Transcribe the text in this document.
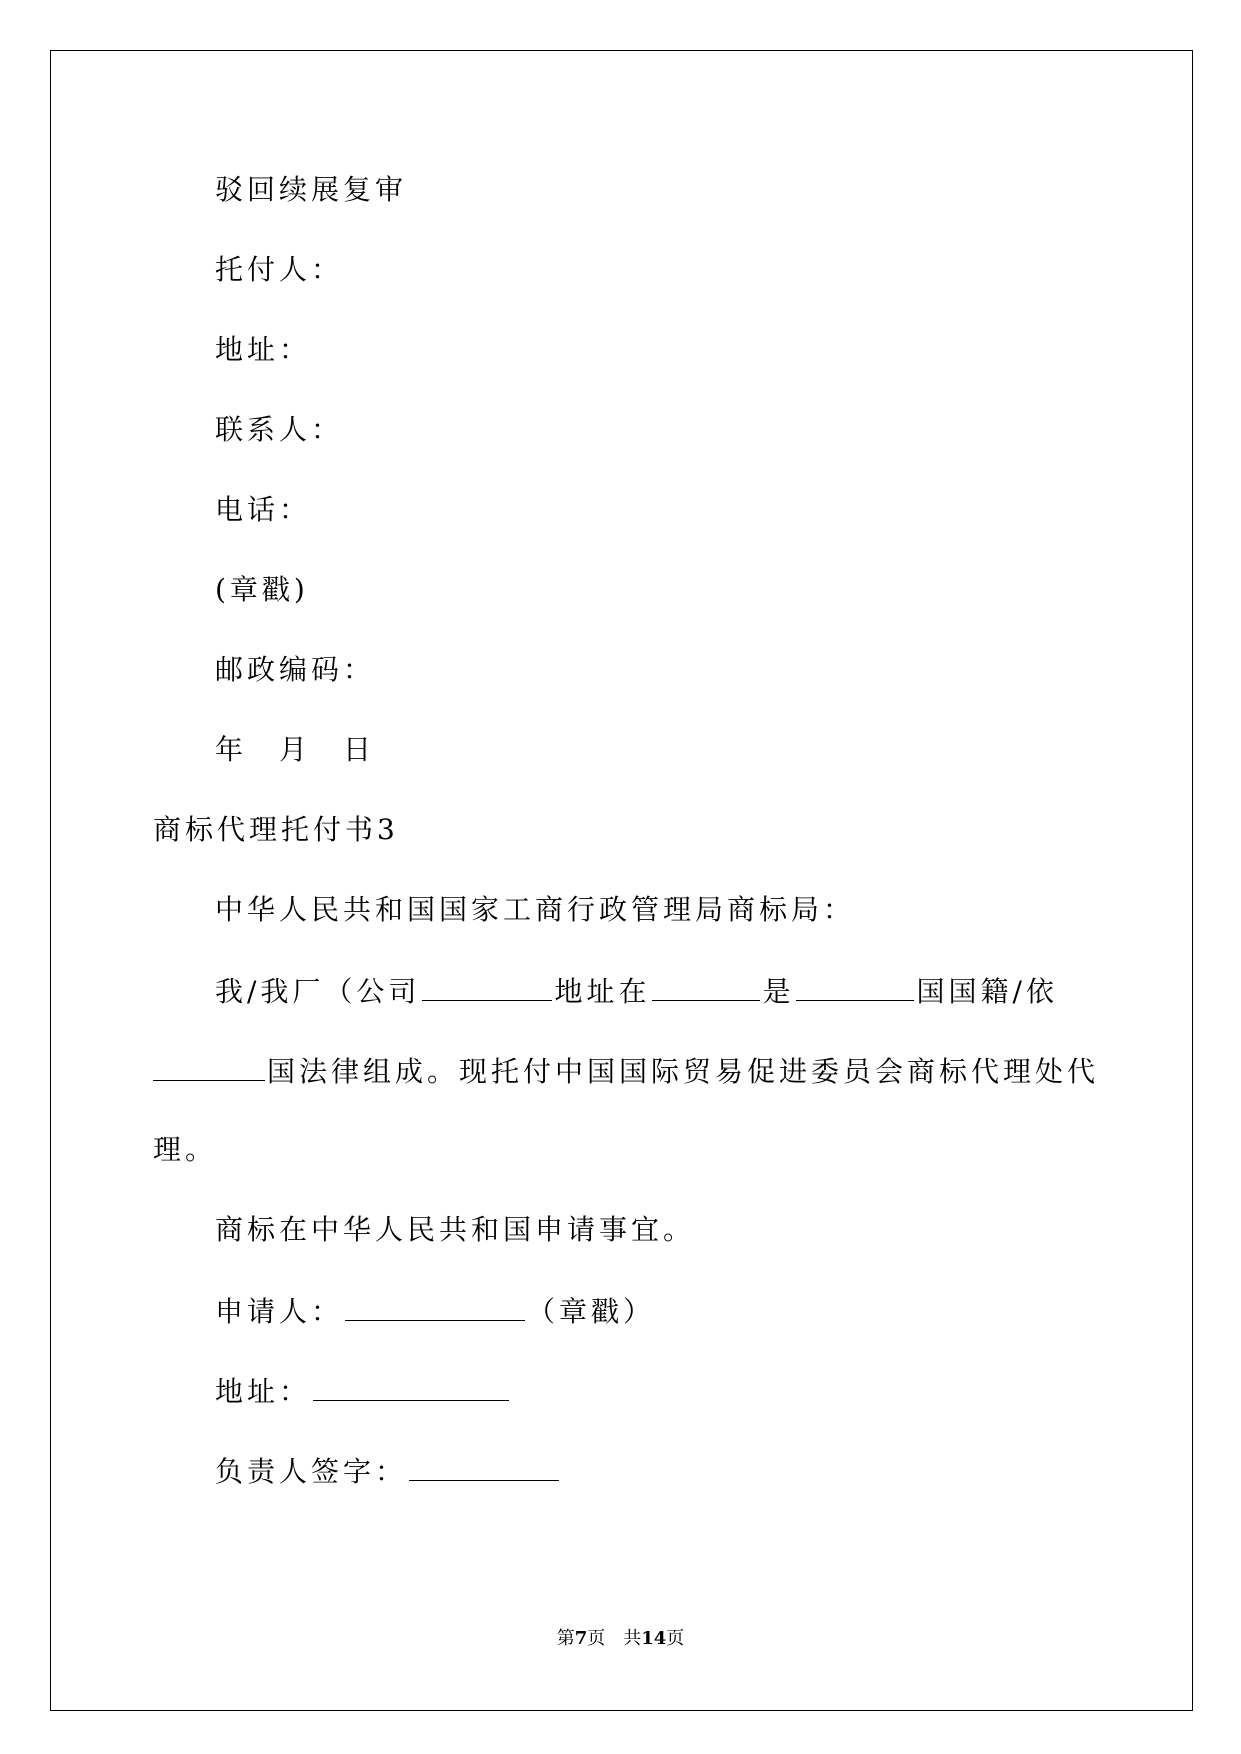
驳回续展复审
托付人：
地址：
联系人：
电话：
(章戳)
邮政编码：
年　月　日
商标代理托付书3
中华人民共和国国家工商行政管理局商标局：
我/我厂（公司	地址在	是	国国籍/依
国法律组成。现托付中国国际贸易促进委员会商标代理处代
理。
商标在中华人民共和国申请事宜。
申请人：	（章戳）
地址：
负责人签字：
第7页　共14页
